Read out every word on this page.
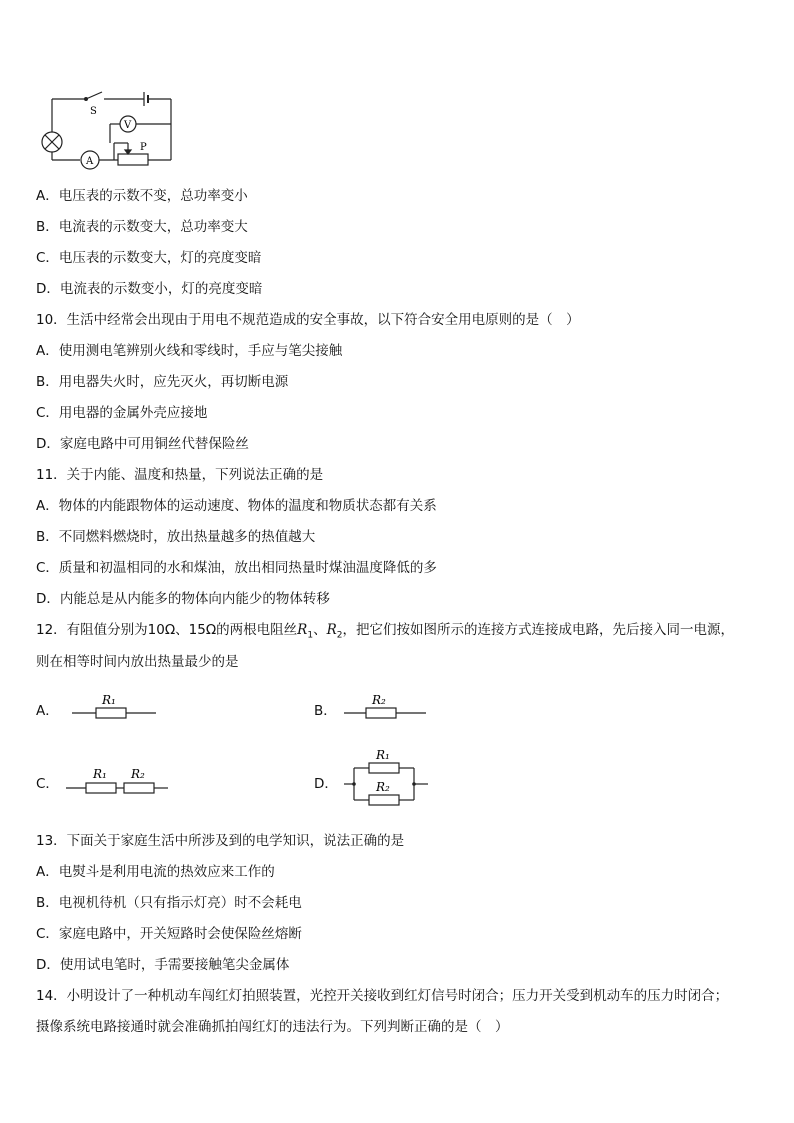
S
V
A
P
A．电压表的示数不变，总功率变小
B．电流表的示数变大，总功率变大
C．电压表的示数变大，灯的亮度变暗
D．电流表的示数变小，灯的亮度变暗
10．生活中经常会出现由于用电不规范造成的安全事故，以下符合安全用电原则的是（　）
A．使用测电笔辨别火线和零线时，手应与笔尖接触
B．用电器失火时，应先灭火，再切断电源
C．用电器的金属外壳应接地
D．家庭电路中可用铜丝代替保险丝
11．关于内能、温度和热量，下列说法正确的是
A．物体的内能跟物体的运动速度、物体的温度和物质状态都有关系
B．不同燃料燃烧时，放出热量越多的热值越大
C．质量和初温相同的水和煤油，放出相同热量时煤油温度降低的多
D．内能总是从内能多的物体向内能少的物体转移
12．有阻值分别为10Ω、15Ω的两根电阻丝$R_1$、$R_2$，把它们按如图所示的连接方式连接成电路，先后接入同一电源，
则在相等时间内放出热量最少的是
A．
R₁
B．
R₂
C．
R₁ R₂
D．
R₁
R₂
13．下面关于家庭生活中所涉及到的电学知识，说法正确的是
A．电熨斗是利用电流的热效应来工作的
B．电视机待机（只有指示灯亮）时不会耗电
C．家庭电路中，开关短路时会使保险丝熔断
D．使用试电笔时，手需要接触笔尖金属体
14．小明设计了一种机动车闯红灯拍照装置，光控开关接收到红灯信号时闭合；压力开关受到机动车的压力时闭合；
摄像系统电路接通时就会准确抓拍闯红灯的违法行为。下列判断正确的是（　）
